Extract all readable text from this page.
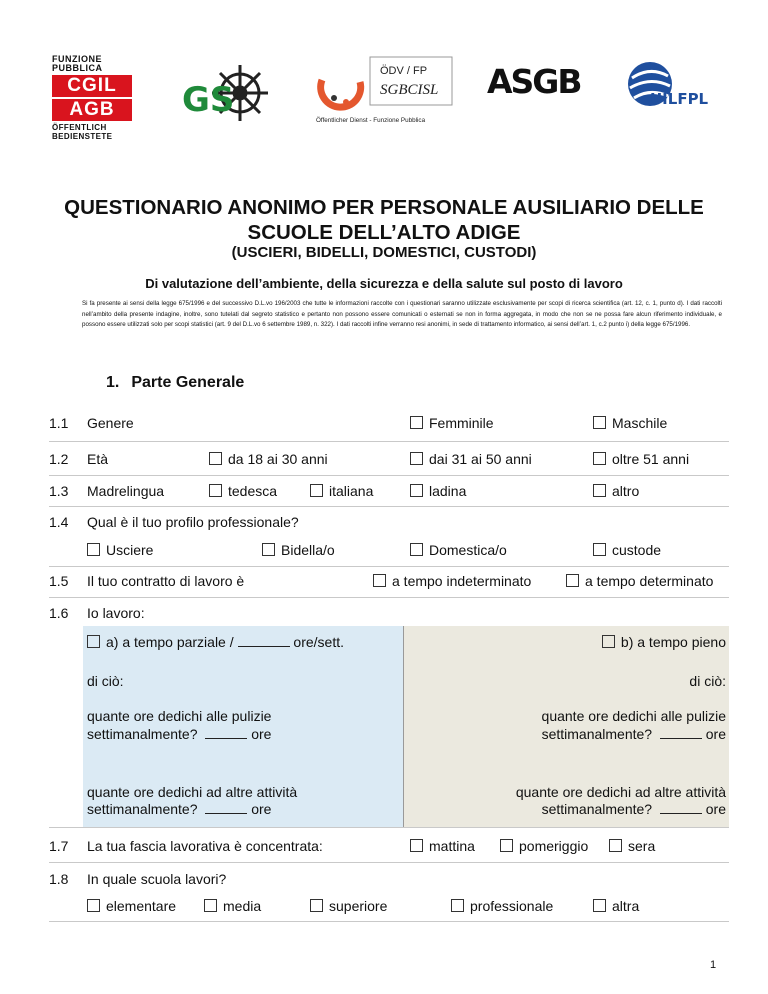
FUNZIONE PUBBLICA
CGIL
AGB
ÖFFENTLICH BEDIENSTETE
GS
ÖDV / FP
SGBCISL
Öffentlicher Dienst - Funzione Pubblica
ASGB	UILFPL
QUESTIONARIO ANONIMO PER PERSONALE AUSILIARIO DELLE
SCUOLE DELL’ALTO ADIGE
(USCIERI, BIDELLI, DOMESTICI, CUSTODI)
Di valutazione dell’ambiente, della sicurezza e della salute sul posto di lavoro
Si fa presente ai sensi della legge 675/1996 e del successivo D.L.vo 196/2003 che tutte le informazioni raccolte con i questionari saranno utilizzate esclusivamente per scopi di ricerca scientifica (art. 12, c. 1, punto d). I dati raccolti nell’ambito della presente indagine, inoltre, sono tutelati dal segreto statistico e pertanto non possono essere comunicati o esternati se non in forma aggregata, in modo che non se ne possa fare alcun riferimento individuale, e possono essere utilizzati solo per scopi statistici (art. 9 del D.L.vo 6 settembre 1989, n. 322). I dati raccolti infine verranno resi anonimi, in sede di trattamento informatico, ai sensi dell’art. 1, c.2 punto i) della legge 675/1996.
1. Parte Generale
1.1 Genere	Femminile	Maschile
1.2 Età	da 18 ai 30 anni	dai 31 ai 50 anni	oltre 51 anni
1.3 Madrelingua	tedesca	italiana	ladina	altro
1.4 Qual è il tuo profilo professionale?
Usciere	Bidella/o	Domestica/o	custode
1.5 Il tuo contratto di lavoro è	a tempo indeterminato	a tempo determinato
1.6 Io lavoro:
a) a tempo parziale /	ore/sett.
di ciò:
quante ore dedichi alle pulizie
settimanalmente?	ore
quante ore dedichi ad altre attività
settimanalmente?	ore
b) a tempo pieno
di ciò:
quante ore dedichi alle pulizie
settimanalmente?	ore
quante ore dedichi ad altre attività
settimanalmente?	ore
1.7 La tua fascia lavorativa è concentrata:	mattina	pomeriggio	sera
1.8 In quale scuola lavori?
elementare	media	superiore	professionale	altra
1
